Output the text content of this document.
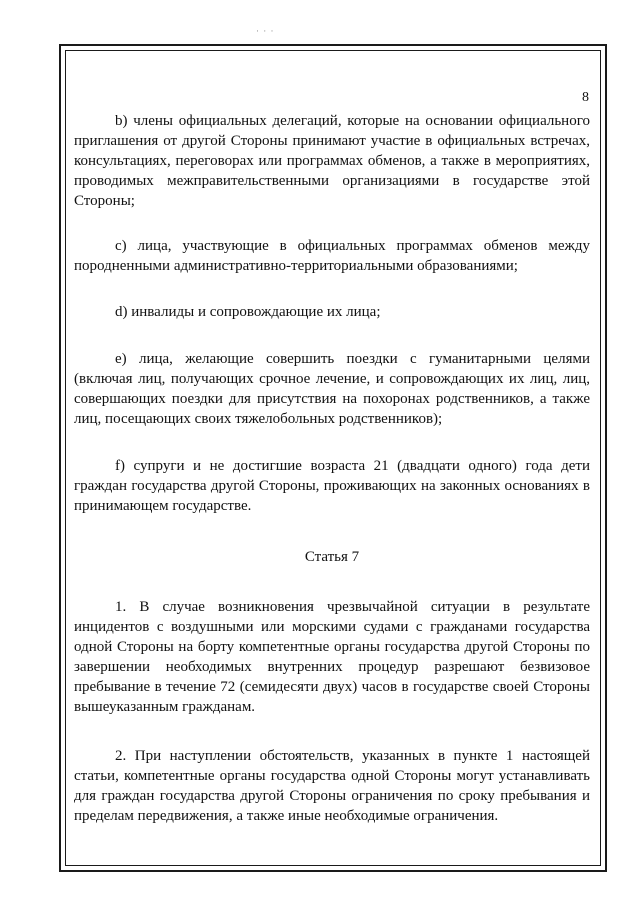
· · ·
8

b) члены официальных делегаций, которые на основании официального приглашения от другой Стороны принимают участие в официальных встречах, консультациях, переговорах или программах обменов, а также в мероприятиях, проводимых межправительственными организациями в государстве этой Стороны;

c) лица, участвующие в официальных программах обменов между породненными административно-территориальными образованиями;

d) инвалиды и сопровождающие их лица;

e) лица, желающие совершить поездки с гуманитарными целями (включая лиц, получающих срочное лечение, и сопровождающих их лиц, лиц, совершающих поездки для присутствия на похоронах родственников, а также лиц, посещающих своих тяжелобольных родственников);

f) супруги и не достигшие возраста 21 (двадцати одного) года дети граждан государства другой Стороны, проживающих на законных основаниях в принимающем государстве.

Статья 7

1. В случае возникновения чрезвычайной ситуации в результате инцидентов с воздушными или морскими судами с гражданами государства одной Стороны на борту компетентные органы государства другой Стороны по завершении необходимых внутренних процедур разрешают безвизовое пребывание в течение 72 (семидесяти двух) часов в государстве своей Стороны вышеуказанным гражданам.

2. При наступлении обстоятельств, указанных в пункте 1 настоящей статьи, компетентные органы государства одной Стороны могут устанавливать для граждан государства другой Стороны ограничения по сроку пребывания и пределам передвижения, а также иные необходимые ограничения.
